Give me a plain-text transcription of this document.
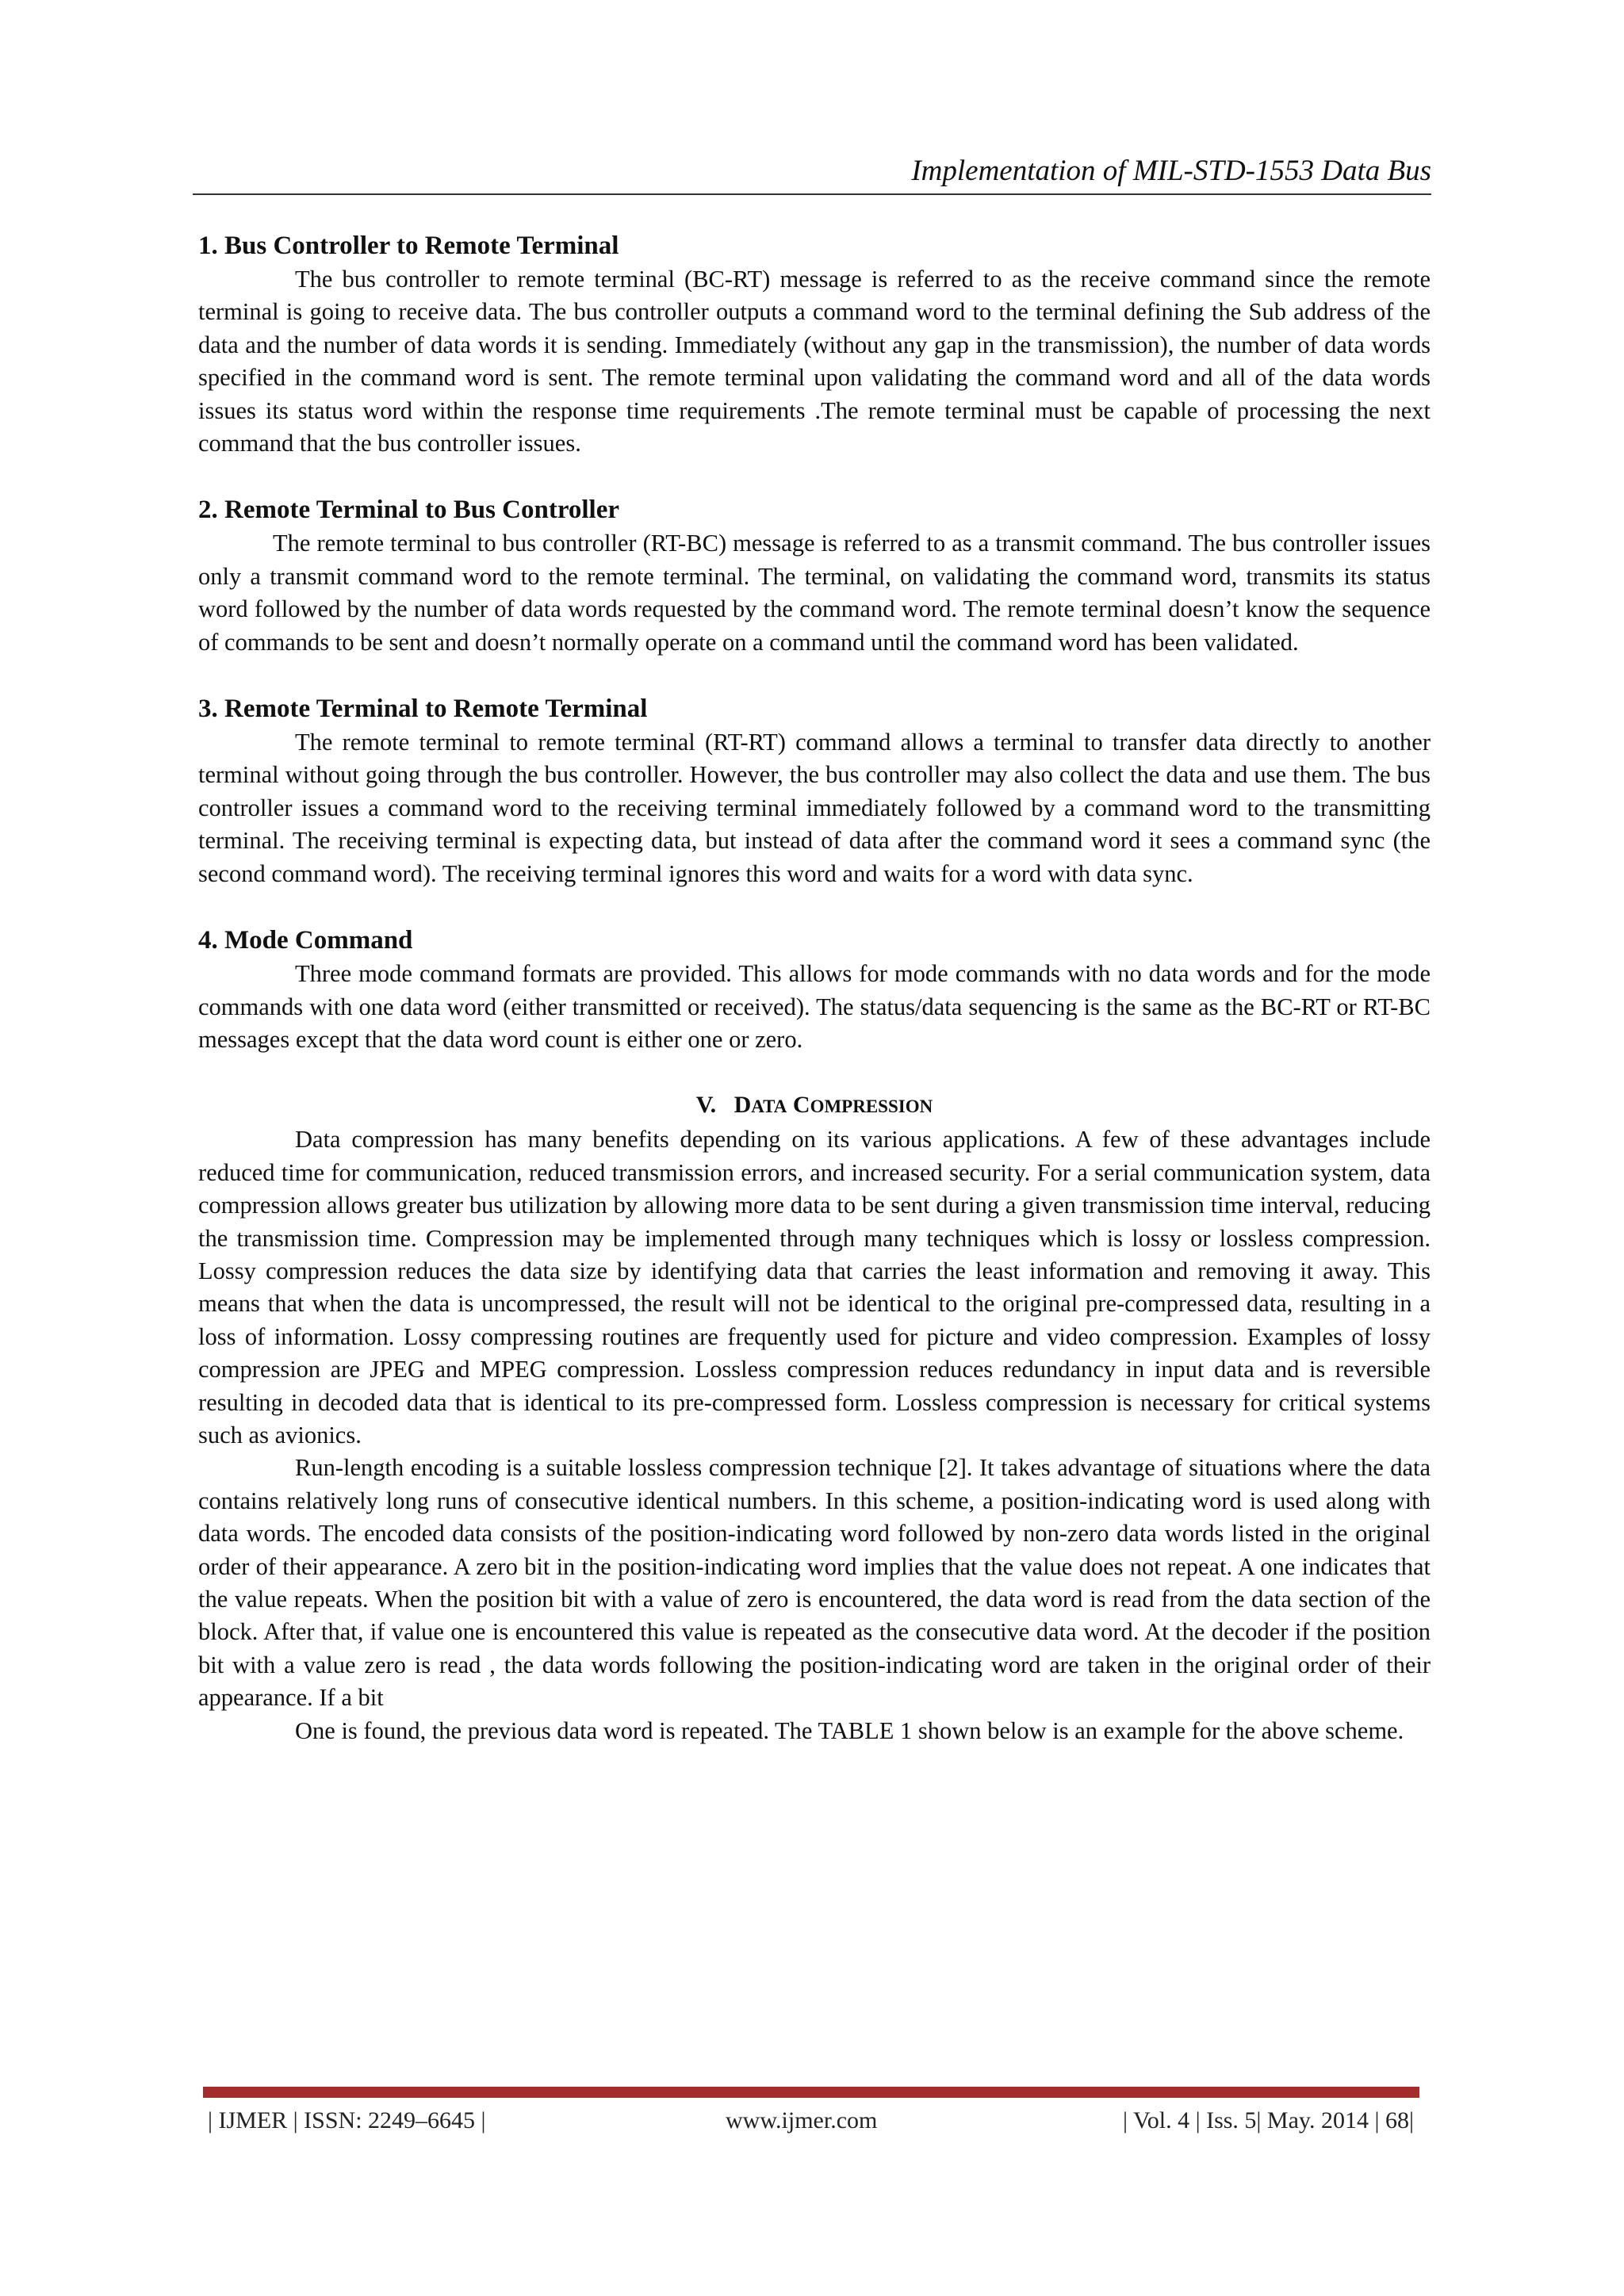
Implementation of MIL-STD-1553 Data Bus
1. Bus Controller to Remote Terminal

The bus controller to remote terminal (BC-RT) message is referred to as the receive command since the remote terminal is going to receive data. The bus controller outputs a command word to the terminal defining the Sub address of the data and the number of data words it is sending. Immediately (without any gap in the transmission), the number of data words specified in the command word is sent. The remote terminal upon validating the command word and all of the data words issues its status word within the response time requirements .The remote terminal must be capable of processing the next command that the bus controller issues.

2. Remote Terminal to Bus Controller

The remote terminal to bus controller (RT-BC) message is referred to as a transmit command. The bus controller issues only a transmit command word to the remote terminal. The terminal, on validating the command word, transmits its status word followed by the number of data words requested by the command word. The remote terminal doesn’t know the sequence of commands to be sent and doesn’t normally operate on a command until the command word has been validated.

3. Remote Terminal to Remote Terminal

The remote terminal to remote terminal (RT-RT) command allows a terminal to transfer data directly to another terminal without going through the bus controller. However, the bus controller may also collect the data and use them. The bus controller issues a command word to the receiving terminal immediately followed by a command word to the transmitting terminal. The receiving terminal is expecting data, but instead of data after the command word it sees a command sync (the second command word). The receiving terminal ignores this word and waits for a word with data sync.

4. Mode Command

Three mode command formats are provided. This allows for mode commands with no data words and for the mode commands with one data word (either transmitted or received). The status/data sequencing is the same as the BC-RT or RT-BC messages except that the data word count is either one or zero.

V. DATA COMPRESSION

Data compression has many benefits depending on its various applications. A few of these advantages include reduced time for communication, reduced transmission errors, and increased security. For a serial communication system, data compression allows greater bus utilization by allowing more data to be sent during a given transmission time interval, reducing the transmission time. Compression may be implemented through many techniques which is lossy or lossless compression. Lossy compression reduces the data size by identifying data that carries the least information and removing it away. This means that when the data is uncompressed, the result will not be identical to the original pre-compressed data, resulting in a loss of information. Lossy compressing routines are frequently used for picture and video compression. Examples of lossy compression are JPEG and MPEG compression. Lossless compression reduces redundancy in input data and is reversible resulting in decoded data that is identical to its pre-compressed form. Lossless compression is necessary for critical systems such as avionics.

Run-length encoding is a suitable lossless compression technique [2]. It takes advantage of situations where the data contains relatively long runs of consecutive identical numbers. In this scheme, a position-indicating word is used along with data words. The encoded data consists of the position-indicating word followed by non-zero data words listed in the original order of their appearance. A zero bit in the position-indicating word implies that the value does not repeat. A one indicates that the value repeats. When the position bit with a value of zero is encountered, the data word is read from the data section of the block. After that, if value one is encountered this value is repeated as the consecutive data word. At the decoder if the position bit with a value zero is read , the data words following the position-indicating word are taken in the original order of their appearance. If a bit

One is found, the previous data word is repeated. The TABLE 1 shown below is an example for the above scheme.

| IJMER | ISSN: 2249–6645 |	www.ijmer.com	| Vol. 4 | Iss. 5| May. 2014 | 68|
